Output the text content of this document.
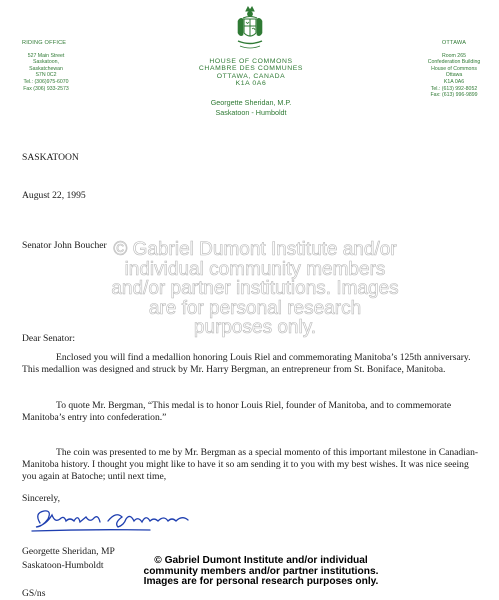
RIDING OFFICE
527 Main Street
Saskatoon, Saskatchewan
S7N 0C2
Tel.: (306)975-6070
Fax (306) 933-2573
HOUSE OF COMMONS
CHAMBRE DES COMMUNES
OTTAWA, CANADA
K1A 0A6
Georgette Sheridan, M.P.
Saskatoon - Humboldt
OTTAWA
Room 265
Confederation Building
House of Commons
Ottawa
K1A 0A6
Tel.: (613) 992-8052
Fax: (613) 996-9899
SASKATOON
August 22, 1995
Senator John Boucher © Gabriel Dumont Institute and/or individual community members and/or partner institutions. Images are for personal research purposes only.
Dear Senator:
Enclosed you will find a medallion honoring Louis Riel and commemorating Manitoba’s 125th anniversary. This medallion was designed and struck by Mr. Harry Bergman, an entrepreneur from St. Boniface, Manitoba.
To quote Mr. Bergman, “This medal is to honor Louis Riel, founder of Manitoba, and to commemorate Manitoba’s entry into confederation.”
The coin was presented to me by Mr. Bergman as a special momento of this important milestone in Canadian-Manitoba history. I thought you might like to have it so am sending it to you with my best wishes. It was nice seeing you again at Batoche; until next time,
Sincerely,
Georgette Sheridan, MP
Saskatoon-Humboldt
GS/ns
© Gabriel Dumont Institute and/or individual community members and/or partner institutions. Images are for personal research purposes only.
